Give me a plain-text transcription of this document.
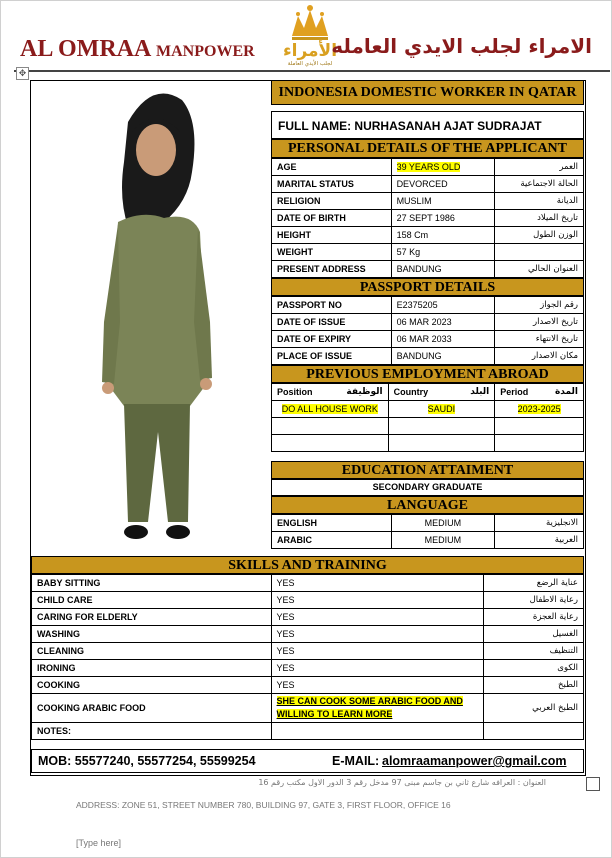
AL OMRAA MANPOWER الأمراء
لجلب الأيدي العاملة
الامراء لجلب الايدي العامله
✥
INDONESIA DOMESTIC WORKER IN QATAR
FULL NAME: NURHASANAH AJAT SUDRAJAT
PERSONAL DETAILS OF THE APPLICANT
AGE	39 YEARS OLD	العمر
MARITAL STATUS	DEVORCED	الحالة الاجتماعية
RELIGION	MUSLIM	الديانة
DATE OF BIRTH	27 SEPT 1986	تاريخ الميلاد
HEIGHT	158 Cm	الوزن الطول
WEIGHT	57 Kg	
PRESENT ADDRESS	BANDUNG	العنوان الحالي
PASSPORT DETAILS
PASSPORT NO	E2375205	رقم الجواز
DATE OF ISSUE	06 MAR 2023	تاريخ الاصدار
DATE OF EXPIRY	06 MAR 2033	تاريخ الانتهاء
PLACE OF ISSUE	BANDUNG	مكان الاصدار
PREVIOUS EMPLOYMENT ABROAD
Position الوظيفة	Country البلد	Period المدة

DO ALL HOUSE WORK	SAUDI	2023-2025

EDUCATION ATTAIMENT
SECONDARY GRADUATE
LANGUAGE
ENGLISH	MEDIUM	الانجليزية
ARABIC	MEDIUM	العربية
SKILLS AND TRAINING
BABY SITTING	YES	عناية الرضع
CHILD CARE	YES	رعاية الاطفال
CARING FOR ELDERLY	YES	رعاية العجزة
WASHING	YES	الغسيل
CLEANING	YES	التنظيف
IRONING	YES	الكوى
COOKING	YES	الطبخ
COOKING ARABIC FOOD	SHE CAN COOK SOME ARABIC FOOD AND WILLING TO LEARN MORE	الطبخ العربي
NOTES:		
MOB: 55577240, 55577254, 55599254	E-MAIL: alomraamanpower@gmail.com
العنوان : العرافه شارع ثاني بن جاسم مبنى 97 مدخل رقم 3 الدور الاول مكتب رقم 16
ADDRESS: ZONE 51, STREET NUMBER 780, BUILDING 97, GATE 3, FIRST FLOOR, OFFICE 16
[Type here]
